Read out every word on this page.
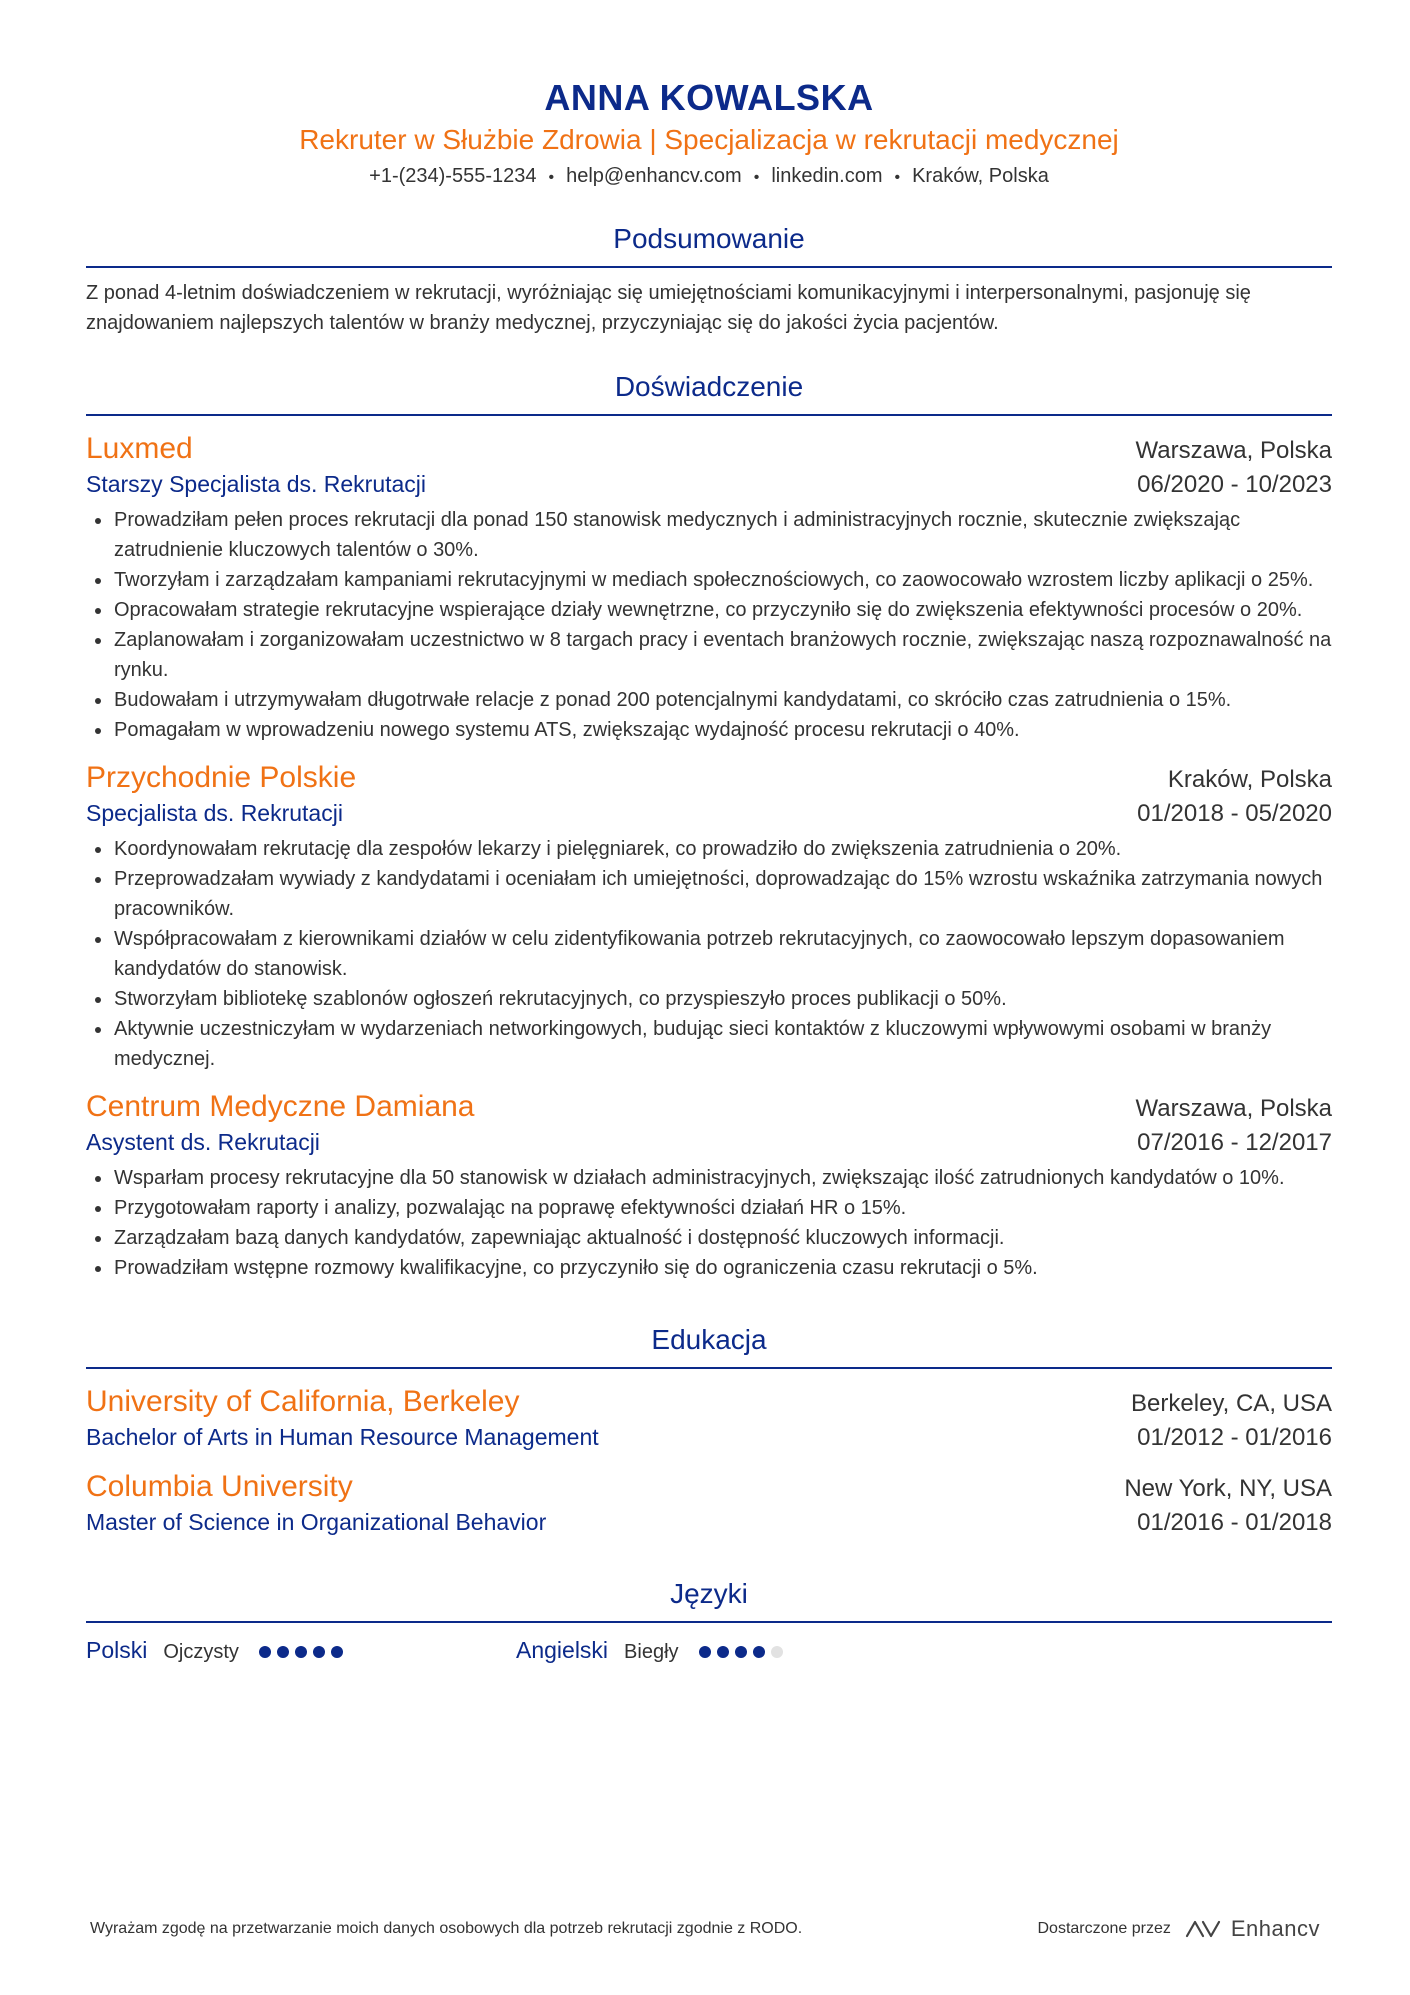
ANNA KOWALSKA
Rekruter w Służbie Zdrowia | Specjalizacja w rekrutacji medycznej
+1-(234)-555-1234 • help@enhancv.com • linkedin.com • Kraków, Polska
Podsumowanie
Z ponad 4-letnim doświadczeniem w rekrutacji, wyróżniając się umiejętnościami komunikacyjnymi i interpersonalnymi, pasjonuję się znajdowaniem najlepszych talentów w branży medycznej, przyczyniając się do jakości życia pacjentów.
Doświadczenie
Luxmed	Warszawa, Polska
Starszy Specjalista ds. Rekrutacji	06/2020 - 10/2023
Prowadziłam pełen proces rekrutacji dla ponad 150 stanowisk medycznych i administracyjnych rocznie, skutecznie zwiększając zatrudnienie kluczowych talentów o 30%.
Tworzyłam i zarządzałam kampaniami rekrutacyjnymi w mediach społecznościowych, co zaowocowało wzrostem liczby aplikacji o 25%.
Opracowałam strategie rekrutacyjne wspierające działy wewnętrzne, co przyczyniło się do zwiększenia efektywności procesów o 20%.
Zaplanowałam i zorganizowałam uczestnictwo w 8 targach pracy i eventach branżowych rocznie, zwiększając naszą rozpoznawalność na rynku.
Budowałam i utrzymywałam długotrwałe relacje z ponad 200 potencjalnymi kandydatami, co skróciło czas zatrudnienia o 15%.
Pomagałam w wprowadzeniu nowego systemu ATS, zwiększając wydajność procesu rekrutacji o 40%.
Przychodnie Polskie	Kraków, Polska
Specjalista ds. Rekrutacji	01/2018 - 05/2020
Koordynowałam rekrutację dla zespołów lekarzy i pielęgniarek, co prowadziło do zwiększenia zatrudnienia o 20%.
Przeprowadzałam wywiady z kandydatami i oceniałam ich umiejętności, doprowadzając do 15% wzrostu wskaźnika zatrzymania nowych pracowników.
Współpracowałam z kierownikami działów w celu zidentyfikowania potrzeb rekrutacyjnych, co zaowocowało lepszym dopasowaniem kandydatów do stanowisk.
Stworzyłam bibliotekę szablonów ogłoszeń rekrutacyjnych, co przyspieszyło proces publikacji o 50%.
Aktywnie uczestniczyłam w wydarzeniach networkingowych, budując sieci kontaktów z kluczowymi wpływowymi osobami w branży medycznej.
Centrum Medyczne Damiana	Warszawa, Polska
Asystent ds. Rekrutacji	07/2016 - 12/2017
Wsparłam procesy rekrutacyjne dla 50 stanowisk w działach administracyjnych, zwiększając ilość zatrudnionych kandydatów o 10%.
Przygotowałam raporty i analizy, pozwalając na poprawę efektywności działań HR o 15%.
Zarządzałam bazą danych kandydatów, zapewniając aktualność i dostępność kluczowych informacji.
Prowadziłam wstępne rozmowy kwalifikacyjne, co przyczyniło się do ograniczenia czasu rekrutacji o 5%.
Edukacja
University of California, Berkeley	Berkeley, CA, USA
Bachelor of Arts in Human Resource Management	01/2012 - 01/2016
Columbia University	New York, NY, USA
Master of Science in Organizational Behavior	01/2016 - 01/2018
Języki
Polski Ojczysty	Angielski Biegły
Wyrażam zgodę na przetwarzanie moich danych osobowych dla potrzeb rekrutacji zgodnie z RODO.	Dostarczone przez	Enhancv
